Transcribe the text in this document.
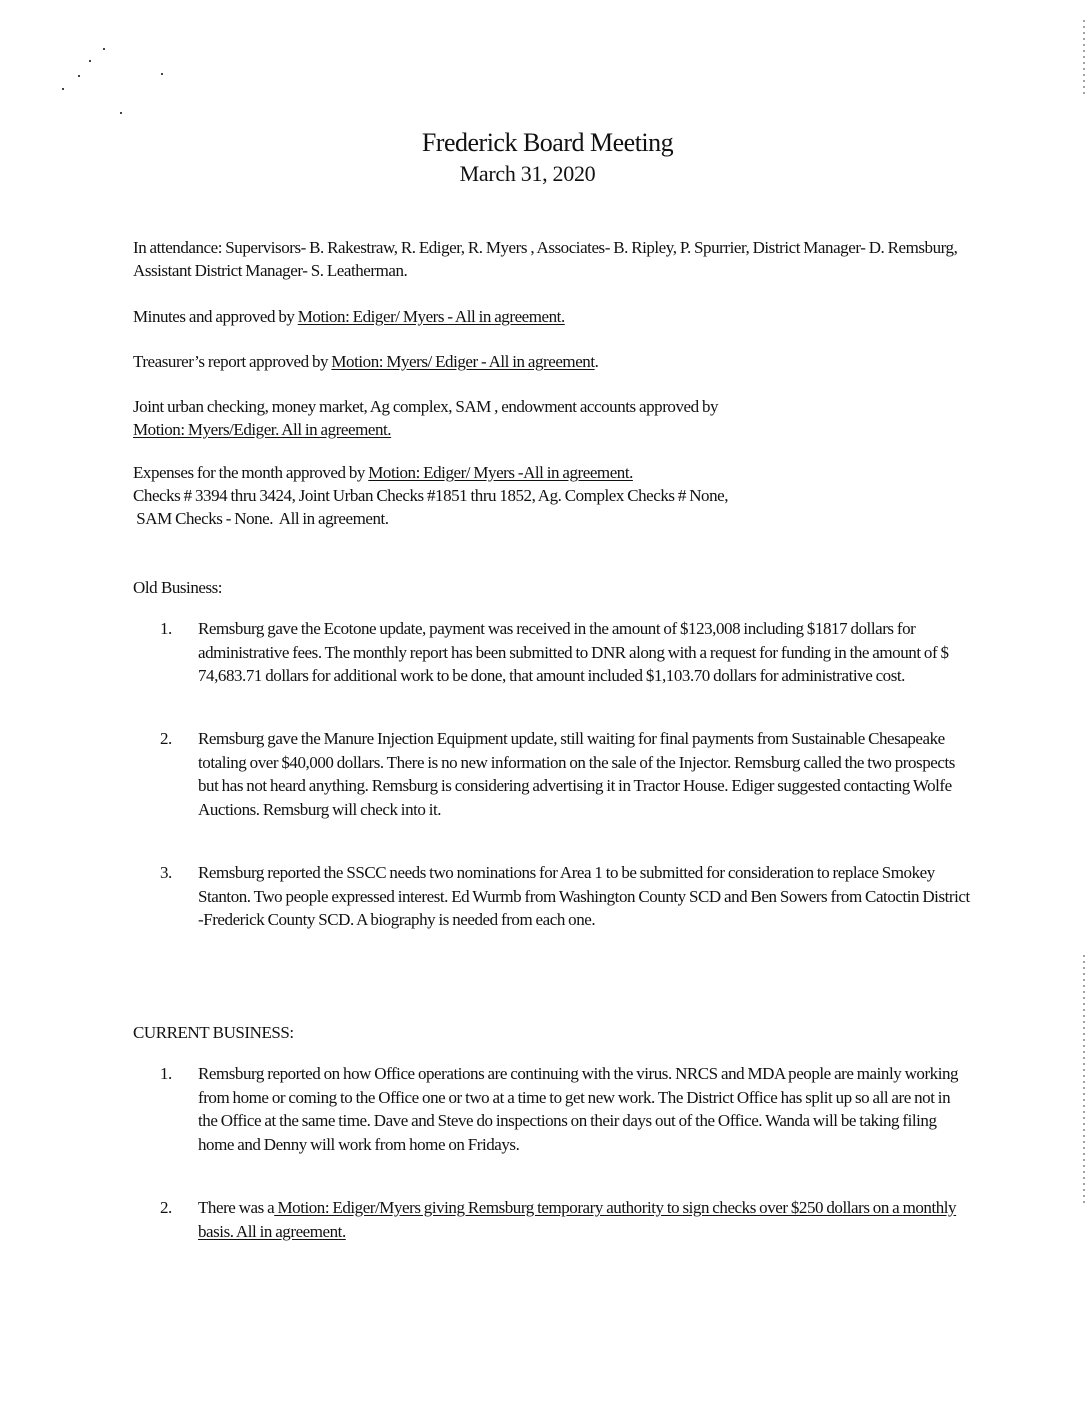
Frederick Board Meeting
March 31, 2020
In attendance: Supervisors- B. Rakestraw, R. Ediger, R. Myers , Associates- B. Ripley, P. Spurrier, District Manager- D. Remsburg, Assistant District Manager- S. Leatherman.
Minutes and approved by Motion: Ediger/ Myers - All in agreement.
Treasurer’s report approved by Motion: Myers/ Ediger - All in agreement.
Joint urban checking, money market, Ag complex, SAM , endowment accounts approved by
Motion: Myers/Ediger. All in agreement.
Expenses for the month approved by Motion: Ediger/ Myers -All in agreement.
Checks # 3394 thru 3424, Joint Urban Checks #1851 thru 1852, Ag. Complex Checks # None,
SAM Checks - None.  All in agreement.
Old Business:
1. Remsburg gave the Ecotone update, payment was received in the amount of $123,008 including $1817 dollars for administrative fees. The monthly report has been submitted to DNR along with a request for funding in the amount of $ 74,683.71 dollars for additional work to be done, that amount included $1,103.70 dollars for administrative cost.
2. Remsburg gave the Manure Injection Equipment update, still waiting for final payments from Sustainable Chesapeake totaling over $40,000 dollars. There is no new information on the sale of the Injector. Remsburg called the two prospects but has not heard anything. Remsburg is considering advertising it in Tractor House. Ediger suggested contacting Wolfe Auctions. Remsburg will check into it.
3. Remsburg reported the SSCC needs two nominations for Area 1 to be submitted for consideration to replace Smokey Stanton. Two people expressed interest. Ed Wurmb from Washington County SCD and Ben Sowers from Catoctin District -Frederick County SCD. A biography is needed from each one.
CURRENT BUSINESS:
1. Remsburg reported on how Office operations are continuing with the virus. NRCS and MDA people are mainly working from home or coming to the Office one or two at a time to get new work. The District Office has split up so all are not in the Office at the same time. Dave and Steve do inspections on their days out of the Office. Wanda will be taking filing home and Denny will work from home on Fridays.
2. There was a Motion: Ediger/Myers giving Remsburg temporary authority to sign checks over $250 dollars on a monthly basis. All in agreement.
